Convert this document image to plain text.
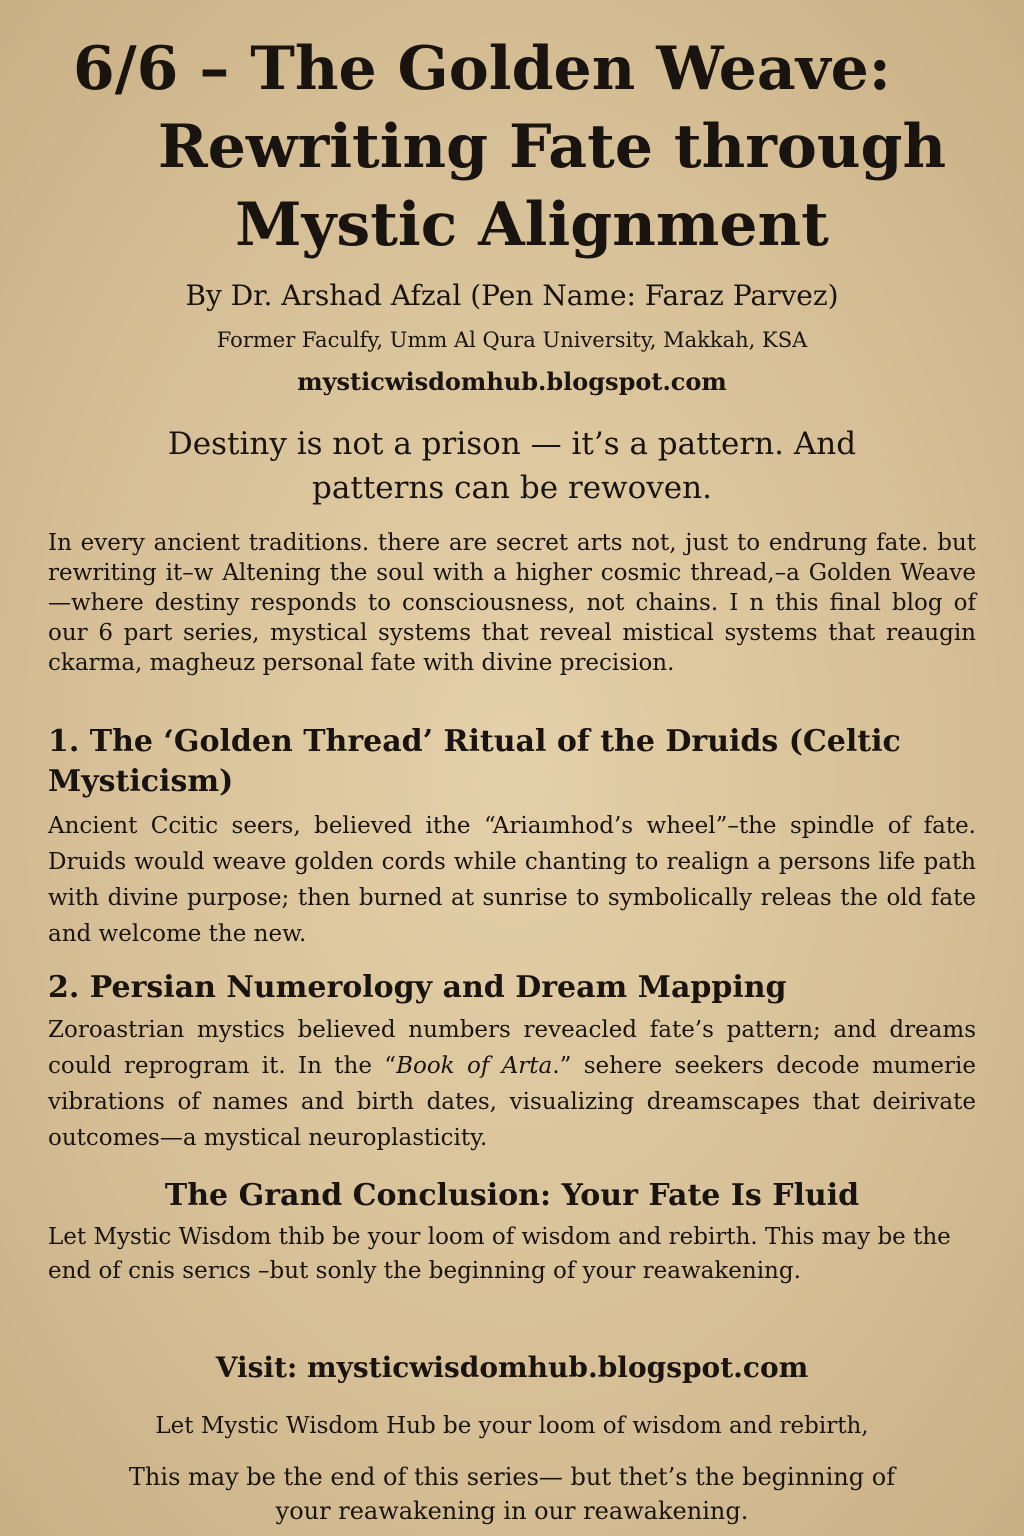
6/6 – The Golden Weave:
Rewriting Fate through
Mystic Alignment
By Dr. Arshad Afzal (Pen Name: Faraz Parvez)
Former Faculfy, Umm Al Qura University, Makkah, KSA
mysticwisdomhub.blogspot.com
Destiny is not a prison — it’s a pattern. And patterns can be rewoven.

In every ancient traditions. there are secret arts not, just to endrung fate. but rewriting it–w Altening the soul with a higher cosmic thread,–a Golden Weave—where destiny responds to consciousness, not chains. I n this final blog of our 6 part series, mystical systems that reveal mistical systems that reaugin ckarma, magheuz personal fate with divine precision.

1. The ‘Golden Thread’ Ritual of the Druids (Celtic Mysticism)

Ancient Ccitic seers, believed ithe “Ariaımhod’s wheel”–the spindle of fate. Druids would weave golden cords while chanting to realign a persons life path with divine purpose; then burned at sunrise to symbolically releas the old fate and welcome the new.

2. Persian Numerology and Dream Mapping

Zoroastrian mystics believed numbers reveacled fate’s pattern; and dreams could reprogram it. In the “Book of Arta.” sehere seekers decode mumerie vibrations of names and birth dates, visualizing dreamscapes that deirivate outcomes—a mystical neuroplasticity.

The Grand Conclusion: Your Fate Is Fluid

Let Mystic Wisdom thib be your loom of wisdom and rebirth. This may be the end of cnis serıcs –but sonly the beginning of your reawakening.

Visit: mysticwisdomhub.blogspot.com
Let Mystic Wisdom Hub be your loom of wisdom and rebirth,
This may be the end of this series— but thet’s the beginning of your reawakening in our reawakening.
